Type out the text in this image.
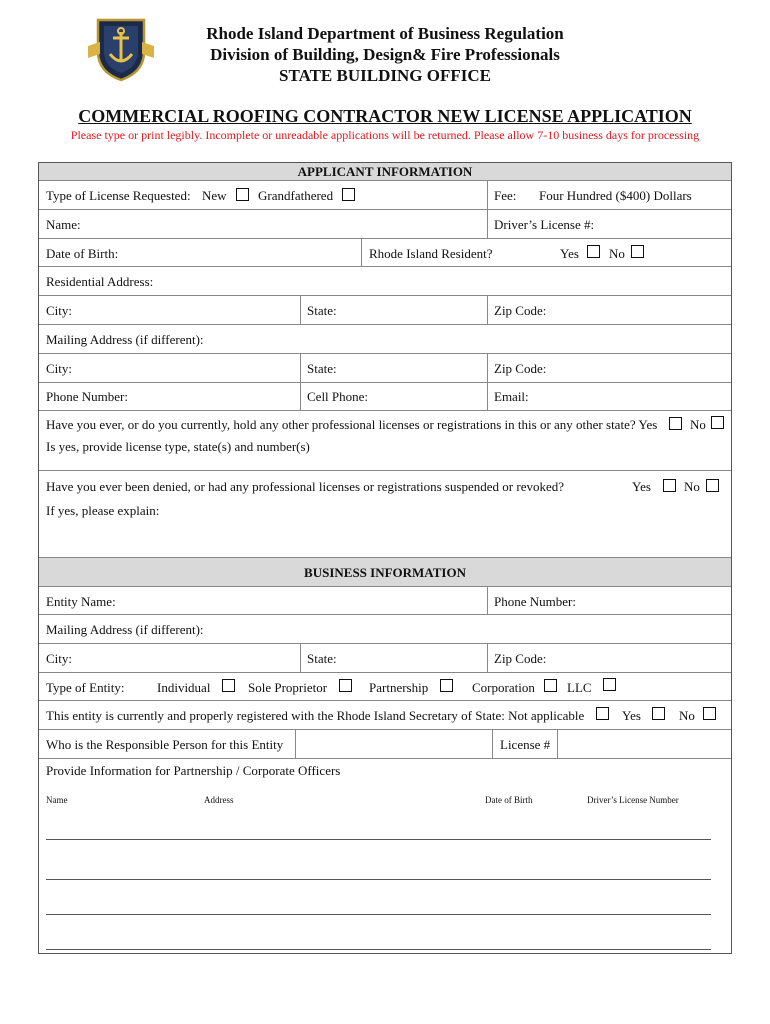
Rhode Island Department of Business Regulation
Division of Building, Design& Fire Professionals
STATE BUILDING OFFICE
COMMERCIAL ROOFING CONTRACTOR NEW LICENSE APPLICATION
Please type or print legibly. Incomplete or unreadable applications will be returned. Please allow 7-10 business days for processing
APPLICANT INFORMATION
Type of License Requested: New Grandfathered	Fee: Four Hundred ($400) Dollars
Name:	Driver’s License #:
Date of Birth:	Rhode Island Resident?	Yes No
Residential Address:
City:	State:	Zip Code:
Mailing Address (if different):
City:	State:	Zip Code:
Phone Number:	Cell Phone:	Email:
Have you ever, or do you currently, hold any other professional licenses or registrations in this or any other state? Yes	No
Is yes, provide license type, state(s) and number(s)
Have you ever been denied, or had any professional licenses or registrations suspended or revoked?	Yes	No
If yes, please explain:
BUSINESS INFORMATION
Entity Name:	Phone Number:
Mailing Address (if different):
City:	State:	Zip Code:
Type of Entity: Individual	Sole Proprietor	Partnership	Corporation LLC
This entity is currently and properly registered with the Rhode Island Secretary of State: Not applicable	Yes	No
Who is the Responsible Person for this Entity	License #
Provide Information for Partnership / Corporate Officers
Name	Address	Date of Birth	Driver’s License Number
